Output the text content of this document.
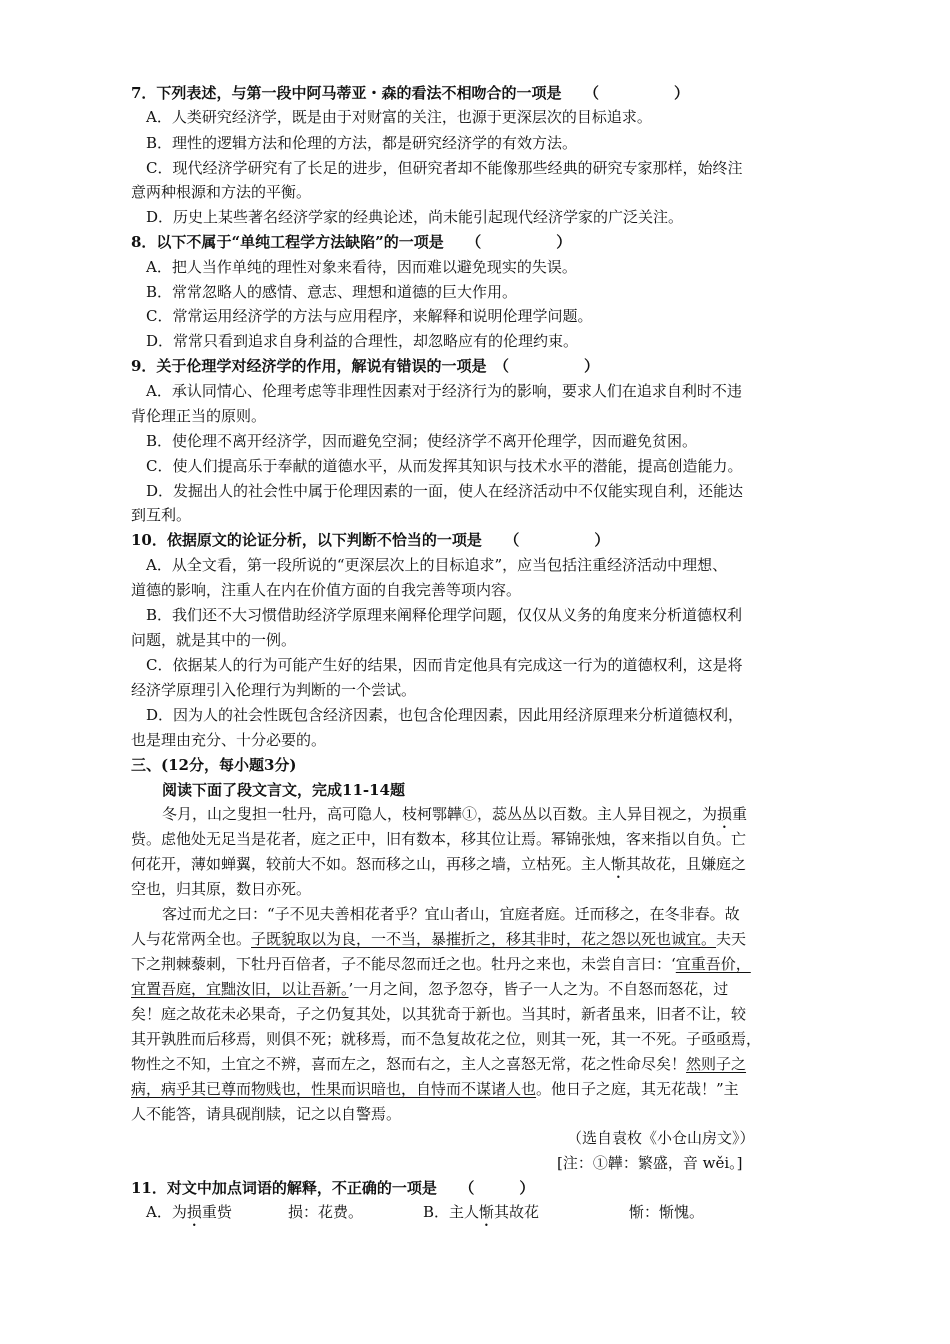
7．下列表述，与第一段中阿马蒂亚・森的看法不相吻合的一项是　　（　　　　　）
A．人类研究经济学，既是由于对财富的关注，也源于更深层次的目标追求。
B．理性的逻辑方法和伦理的方法，都是研究经济学的有效方法。
C．现代经济学研究有了长足的进步，但研究者却不能像那些经典的研究专家那样，始终注
意两种根源和方法的平衡。
D．历史上某些著名经济学家的经典论述，尚未能引起现代经济学家的广泛关注。
8．以下不属于“单纯工程学方法缺陷”的一项是　　（　　　　　）
A．把人当作单纯的理性对象来看待，因而难以避免现实的失误。
B．常常忽略人的感情、意志、理想和道德的巨大作用。
C．常常运用经济学的方法与应用程序，来解释和说明伦理学问题。
D．常常只看到追求自身利益的合理性，却忽略应有的伦理约束。
9．关于伦理学对经济学的作用，解说有错误的一项是　（　　　　　）
A．承认同情心、伦理考虑等非理性因素对于经济行为的影响，要求人们在追求自利时不违
背伦理正当的原则。
B．使伦理不离开经济学，因而避免空洞；使经济学不离开伦理学，因而避免贫困。
C．使人们提高乐于奉献的道德水平，从而发挥其知识与技术水平的潜能，提高创造能力。
D．发掘出人的社会性中属于伦理因素的一面，使人在经济活动中不仅能实现自利，还能达
到互利。
10．依据原文的论证分析，以下判断不恰当的一项是　　（　　　　　）
A．从全文看，第一段所说的“更深层次上的目标追求”，应当包括注重经济活动中理想、
道德的影响，注重人在内在价值方面的自我完善等项内容。
B．我们还不大习惯借助经济学原理来阐释伦理学问题，仅仅从义务的角度来分析道德权利
问题，就是其中的一例。
C．依据某人的行为可能产生好的结果，因而肯定他具有完成这一行为的道德权利，这是将
经济学原理引入伦理行为判断的一个尝试。
D．因为人的社会性既包含经济因素，也包含伦理因素，因此用经济原理来分析道德权利，
也是理由充分、十分必要的。
三、(12分，每小题3分)
阅读下面了段文言文，完成11-14题
冬月，山之叟担一牡丹，高可隐人，枝柯鄂韡①，蕊丛丛以百数。主人异目视之，为损重
赀。虑他处无足当是花者，庭之正中，旧有数本，移其位让焉。幂锦张烛，客来指以自负。亡
何花开，薄如蝉翼，较前大不如。怒而移之山，再移之墙，立枯死。主人惭其故花，且嫌庭之
空也，归其原，数日亦死。
客过而尤之曰：“子不见夫善相花者乎？宜山者山，宜庭者庭。迁而移之，在冬非春。故
人与花常两全也。子既貌取以为良，一不当，暴摧折之，移其非时，花之怨以死也诚宜。夫天
下之荆棘藜刺，下牡丹百倍者，子不能尽忽而迁之也。牡丹之来也，未尝自言曰：‘宜重吾价，
宜置吾庭，宜黜汝旧，以让吾新。’一月之间，忽予忽夺，皆子一人之为。不自怒而怒花，过
矣！庭之故花未必果奇，子之仍复其处，以其犹奇于新也。当其时，新者虽来，旧者不让，较
其开孰胜而后移焉，则俱不死；就移焉，而不急复故花之位，则其一死，其一不死。子亟亟焉，
物性之不知，土宜之不辨，喜而左之，怒而右之，主人之喜怒无常，花之性命尽矣！然则子之
病，病乎其已尊而物贱也，性果而识暗也，自恃而不谋诸人也。他日子之庭，其无花哉！”主
人不能答，请具砚削牍，记之以自警焉。
（选自袁枚《小仓山房文》）
[注：①韡：繁盛，音 wěi。]
11．对文中加点词语的解释，不正确的一项是　　（　　　）
A．为损重赀	损：花费。	B．主人惭其故花	惭：惭愧。
